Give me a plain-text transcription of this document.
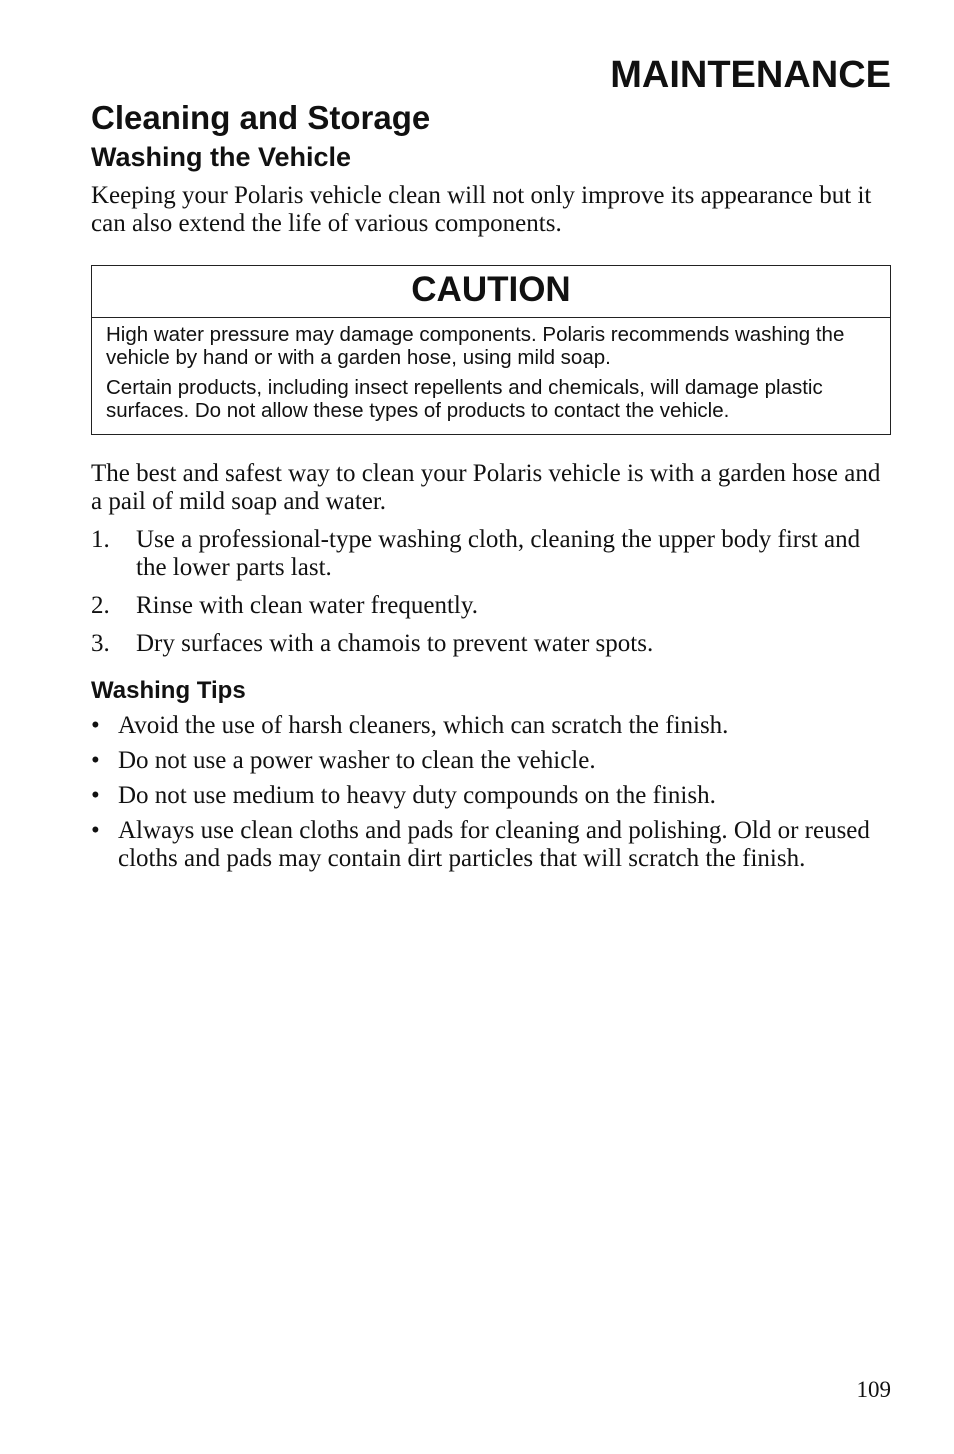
MAINTENANCE
Cleaning and Storage
Washing the Vehicle

Keeping your Polaris vehicle clean will not only improve its appearance but it can also extend the life of various components.

CAUTION

High water pressure may damage components. Polaris recommends washing the vehicle by hand or with a garden hose, using mild soap.

Certain products, including insect repellents and chemicals, will damage plastic surfaces. Do not allow these types of products to contact the vehicle.

The best and safest way to clean your Polaris vehicle is with a garden hose and a pail of mild soap and water.

1. Use a professional-type washing cloth, cleaning the upper body first and the lower parts last.
2. Rinse with clean water frequently.
3. Dry surfaces with a chamois to prevent water spots.
Washing Tips
• Avoid the use of harsh cleaners, which can scratch the finish.
• Do not use a power washer to clean the vehicle.
• Do not use medium to heavy duty compounds on the finish.
• Always use clean cloths and pads for cleaning and polishing. Old or reused cloths and pads may contain dirt particles that will scratch the finish.
109
